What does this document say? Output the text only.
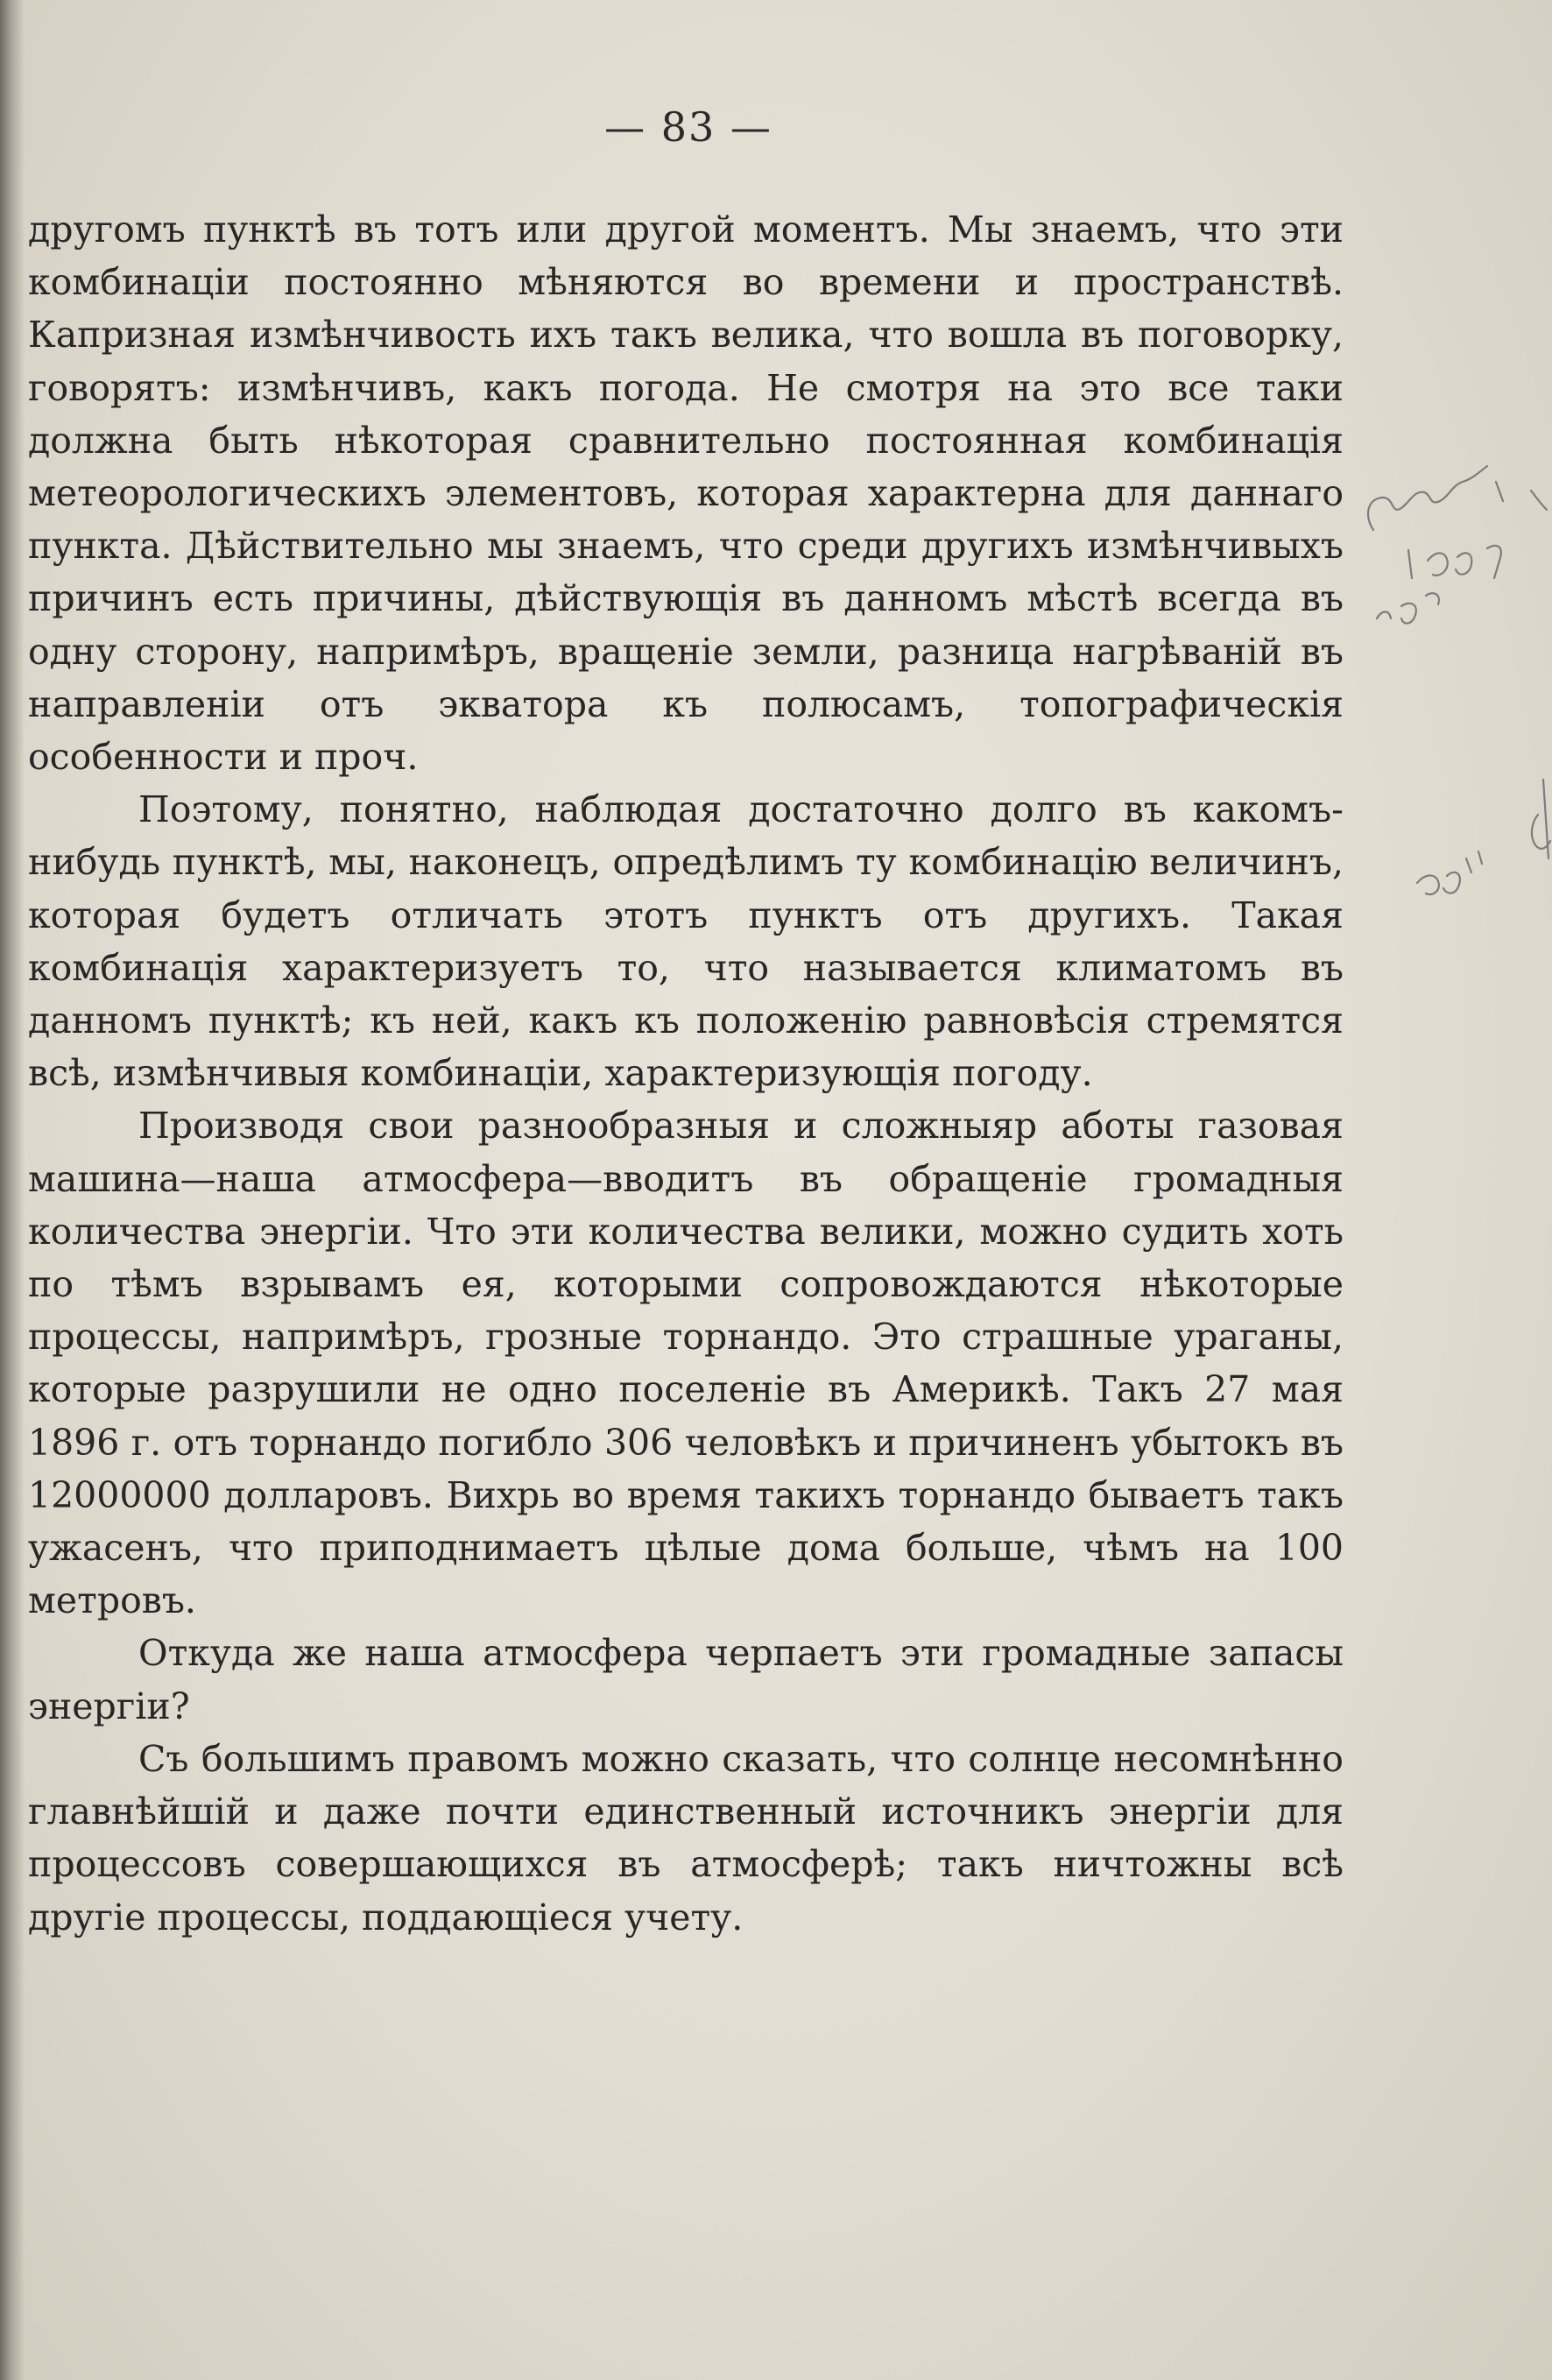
— 83 —

другомъ пунктѣ въ тотъ или другой моментъ. Мы знаемъ, что эти комбинацiи постоянно мѣняются во времени и пространствѣ. Капризная измѣнчивость ихъ такъ велика, что вошла въ поговорку, говорятъ: измѣнчивъ, какъ погода. Не смотря на это все таки должна быть нѣкоторая сравнительно постоянная комбинацiя метеорологическихъ элементовъ, которая характерна для даннаго пункта. Дѣйствительно мы знаемъ, что среди другихъ измѣнчивыхъ причинъ есть причины, дѣйствующiя въ данномъ мѣстѣ всегда въ одну сторону, напримѣръ, вращенiе земли, разница нагрѣванiй въ направленiи отъ экватора къ полюсамъ, топографическiя особенности и проч.

Поэтому, понятно, наблюдая достаточно долго въ какомъ-нибудь пунктѣ, мы, наконецъ, опредѣлимъ ту комбинацiю величинъ, которая будетъ отличать этотъ пунктъ отъ другихъ. Такая комбинацiя характеризуетъ то, что называется климатомъ въ данномъ пунктѣ; къ ней, какъ къ положенiю равновѣсiя стремятся всѣ, измѣнчивыя комбинацiи, характеризующiя погоду.

Производя свои разнообразныя и сложныяр аботы газовая машина—наша атмосфера—вводитъ въ обращенiе громадныя количества энергiи. Что эти количества велики, можно судить хоть по тѣмъ взрывамъ ея, которыми сопровождаются нѣкоторые процессы, напримѣръ, грозные торнандо. Это страшные ураганы, которые разрушили не одно поселенiе въ Америкѣ. Такъ 27 мая 1896 г. отъ торнандо погибло 306 человѣкъ и причиненъ убытокъ въ 12000000 долларовъ. Вихрь во время такихъ торнандо бываетъ такъ ужасенъ, что приподнимаетъ цѣлые дома больше, чѣмъ на 100 метровъ.

Откуда же наша атмосфера черпаетъ эти громадные запасы энергiи?

Съ большимъ правомъ можно сказать, что солнце несомнѣнно главнѣйшiй и даже почти единственный источникъ энергiи для процессовъ совершающихся въ атмосферѣ; такъ ничтожны всѣ другiе процессы, поддающiеся учету.
